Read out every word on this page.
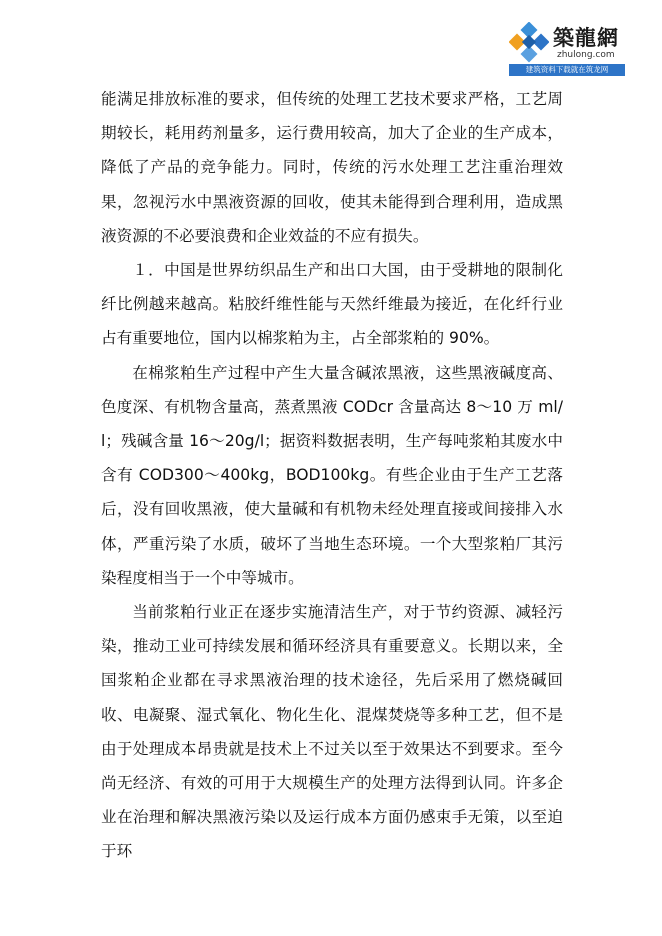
築龍網
zhulong.com
建筑资料下载就在筑龙网

能满足排放标准的要求，但传统的处理工艺技术要求严格，工艺周期较长，耗用药剂量多，运行费用较高，加大了企业的生产成本，降低了产品的竞争能力。同时，传统的污水处理工艺注重治理效果，忽视污水中黑液资源的回收，使其未能得到合理利用，造成黑液资源的不必要浪费和企业效益的不应有损失。

１．中国是世界纺织品生产和出口大国，由于受耕地的限制化纤比例越来越高。粘胶纤维性能与天然纤维最为接近，在化纤行业占有重要地位，国内以棉浆粕为主，占全部浆粕的 90%。

在棉浆粕生产过程中产生大量含碱浓黑液，这些黑液碱度高、色度深、有机物含量高，蒸煮黑液 CODcr 含量高达 8～10 万 ml/l；残碱含量 16～20g/l；据资料数据表明，生产每吨浆粕其废水中含有 COD300～400kg，BOD100kg。有些企业由于生产工艺落后，没有回收黑液，使大量碱和有机物未经处理直接或间接排入水体，严重污染了水质，破坏了当地生态环境。一个大型浆粕厂其污染程度相当于一个中等城市。

当前浆粕行业正在逐步实施清洁生产，对于节约资源、减轻污染，推动工业可持续发展和循环经济具有重要意义。长期以来，全国浆粕企业都在寻求黑液治理的技术途径，先后采用了燃烧碱回收、电凝聚、湿式氧化、物化生化、混煤焚烧等多种工艺，但不是由于处理成本昂贵就是技术上不过关以至于效果达不到要求。至今尚无经济、有效的可用于大规模生产的处理方法得到认同。许多企业在治理和解决黑液污染以及运行成本方面仍感束手无策，以至迫于环
